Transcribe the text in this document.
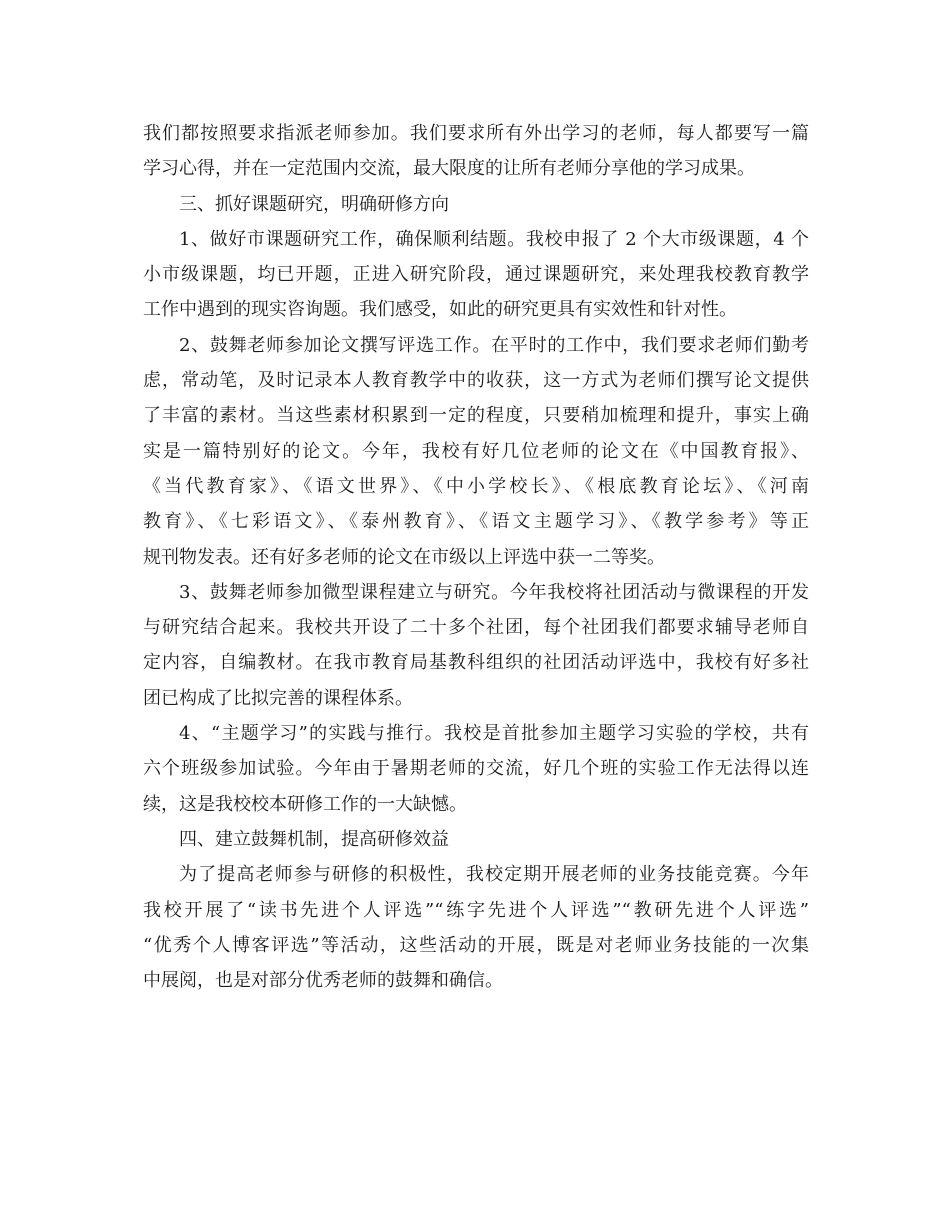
我们都按照要求指派老师参加。我们要求所有外出学习的老师，每人都要写一篇
学习心得，并在一定范围内交流，最大限度的让所有老师分享他的学习成果。
三、抓好课题研究，明确研修方向
1、做好市课题研究工作，确保顺利结题。我校申报了 2 个大市级课题，4 个
小市级课题，均已开题，正进入研究阶段，通过课题研究，来处理我校教育教学
工作中遇到的现实咨询题。我们感受，如此的研究更具有实效性和针对性。
2、鼓舞老师参加论文撰写评选工作。在平时的工作中，我们要求老师们勤考
虑，常动笔，及时记录本人教育教学中的收获，这一方式为老师们撰写论文提供
了丰富的素材。当这些素材积累到一定的程度，只要稍加梳理和提升，事实上确
实是一篇特别好的论文。今年，我校有好几位老师的论文在《中国教育报》、
《当代教育家》、《语文世界》、《中小学校长》、《根底教育论坛》、《河南
教育》、《七彩语文》、《泰州教育》、《语文主题学习》、《教学参考》等正
规刊物发表。还有好多老师的论文在市级以上评选中获一二等奖。
3、鼓舞老师参加微型课程建立与研究。今年我校将社团活动与微课程的开发
与研究结合起来。我校共开设了二十多个社团，每个社团我们都要求辅导老师自
定内容，自编教材。在我市教育局基教科组织的社团活动评选中，我校有好多社
团已构成了比拟完善的课程体系。
4、“主题学习”的实践与推行。我校是首批参加主题学习实验的学校，共有
六个班级参加试验。今年由于暑期老师的交流，好几个班的实验工作无法得以连
续，这是我校校本研修工作的一大缺憾。
四、建立鼓舞机制，提高研修效益
为了提高老师参与研修的积极性，我校定期开展老师的业务技能竞赛。今年
我校开展了“读书先进个人评选”“练字先进个人评选”“教研先进个人评选”
“优秀个人博客评选”等活动，这些活动的开展，既是对老师业务技能的一次集
中展阅，也是对部分优秀老师的鼓舞和确信。
